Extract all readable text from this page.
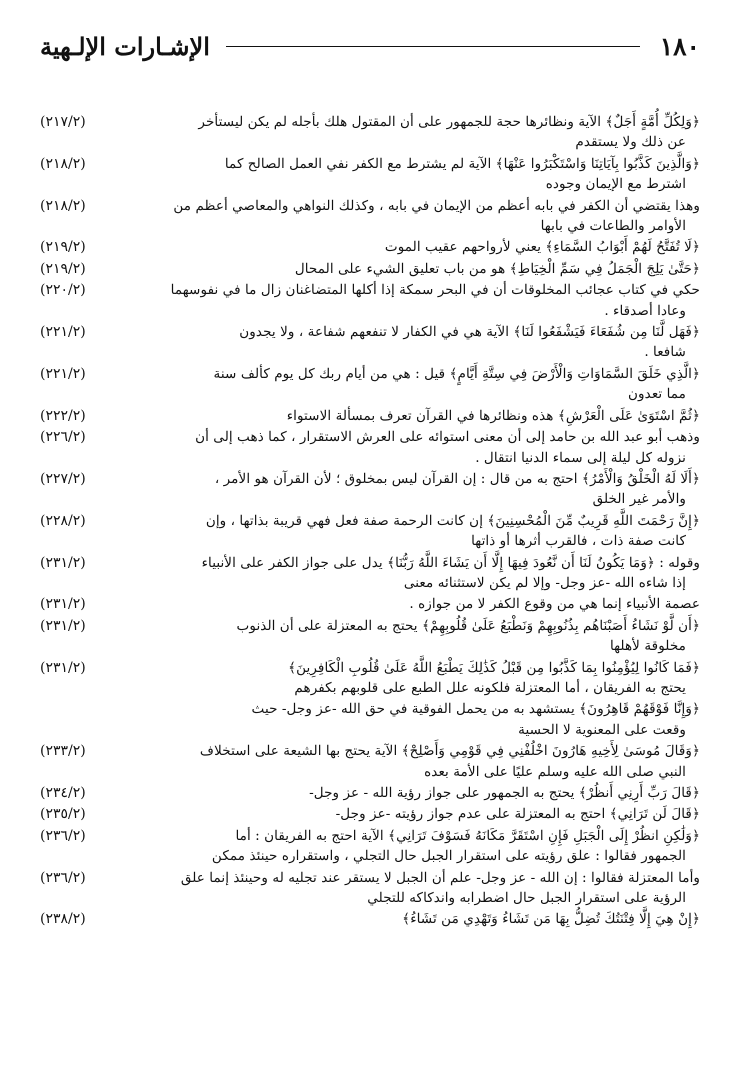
١٨٠
الإشـارات الإلـهية
(٢١٧/٢)	﴿وَلِكُلِّ أُمَّةٍ أَجَلٌ﴾ الآية ونظائرها حجة للجمهور على أن المقتول هلك بأجله لم يكن ليستأخر
عن ذلك ولا يستقدم
(٢١٨/٢)	﴿وَالَّذِينَ كَذَّبُوا بِآيَاتِنَا وَاسْتَكْبَرُوا عَنْهَا﴾ الآية لم يشترط مع الكفر نفي العمل الصالح كما
اشترط مع الإيمان وجوده
(٢١٨/٢)	وهذا يقتضي أن الكفر في بابه أعظم من الإيمان في بابه ، وكذلك النواهي والمعاصي أعظم من
الأوامر والطاعات في بابها
(٢١٩/٢)	﴿لَا تُفَتَّحُ لَهُمْ أَبْوَابُ السَّمَاءِ﴾ يعني لأرواحهم عقيب الموت
(٢١٩/٢)	﴿حَتَّىٰ يَلِجَ الْجَمَلُ فِي سَمِّ الْخِيَاطِ﴾ هو من باب تعليق الشيء على المحال
(٢٢٠/٢)	حكي في كتاب عجائب المخلوقات أن في البحر سمكة إذا أكلها المتضاغنان زال ما في نفوسهما
وعادا أصدقاء .
(٢٢١/٢)	﴿فَهَل لَّنَا مِن شُفَعَاءَ فَيَشْفَعُوا لَنَا﴾ الآية هي في الكفار لا تنفعهم شفاعة ، ولا يجدون
شافعا .
(٢٢١/٢)	﴿الَّذِي خَلَقَ السَّمَاوَاتِ وَالْأَرْضَ فِي سِتَّةِ أَيَّامٍ﴾ قيل : هي من أيام ربك كل يوم كألف سنة
مما تعدون
(٢٢٢/٢)	﴿ثُمَّ اسْتَوَىٰ عَلَى الْعَرْشِ﴾ هذه ونظائرها في القرآن تعرف بمسألة الاستواء
(٢٢٦/٢)	وذهب أبو عبد الله بن حامد إلى أن معنى استوائه على العرش الاستقرار ، كما ذهب إلى أن
نزوله كل ليلة إلى سماء الدنيا انتقال .
(٢٢٧/٢)	﴿أَلَا لَهُ الْخَلْقُ وَالْأَمْرُ﴾ احتج به من قال : إن القرآن ليس بمخلوق ؛ لأن القرآن هو الأمر ،
والأمر غير الخلق
(٢٢٨/٢)	﴿إِنَّ رَحْمَتَ اللَّهِ قَرِيبٌ مِّنَ الْمُحْسِنِينَ﴾ إن كانت الرحمة صفة فعل فهي قريبة بذاتها ، وإن
كانت صفة ذات ، فالقرب أثرها أو ذاتها
(٢٣١/٢)	وقوله : ﴿وَمَا يَكُونُ لَنَا أَن نَّعُودَ فِيهَا إِلَّا أَن يَشَاءَ اللَّهُ رَبُّنَا﴾ يدل على جواز الكفر على الأنبياء
إذا شاءه الله -عز وجل- وإلا لم يكن لاستثنائه معنى
(٢٣١/٢)	عصمة الأنبياء إنما هي من وقوع الكفر لا من جوازه .
(٢٣١/٢)	﴿أَن لَّوْ نَشَاءُ أَصَبْنَاهُم بِذُنُوبِهِمْ وَنَطْبَعُ عَلَىٰ قُلُوبِهِمْ﴾ يحتج به المعتزلة على أن الذنوب
مخلوقة لأهلها
(٢٣١/٢)	﴿فَمَا كَانُوا لِيُؤْمِنُوا بِمَا كَذَّبُوا مِن قَبْلُ كَذَٰلِكَ يَطْبَعُ اللَّهُ عَلَىٰ قُلُوبِ الْكَافِرِينَ﴾
يحتج به الفريقان ، أما المعتزلة فلكونه علل الطبع على قلوبهم بكفرهم
﴿وَإِنَّا فَوْقَهُمْ قَاهِرُونَ﴾ يستشهد به من يحمل الفوقية في حق الله -عز وجل- حيث
وقعت على المعنوية لا الحسية
(٢٣٣/٢)	﴿وَقَالَ مُوسَىٰ لِأَخِيهِ هَارُونَ اخْلُفْنِي فِي قَوْمِي وَأَصْلِحْ﴾ الآية يحتج بها الشيعة على استخلاف
النبي صلى الله عليه وسلم عليًا على الأمة بعده
(٢٣٤/٢)	﴿قَالَ رَبِّ أَرِنِي أَنظُرْ﴾ يحتج به الجمهور على جواز رؤية الله - عز وجل-
(٢٣٥/٢)	﴿قَالَ لَن تَرَانِي﴾ احتج به المعتزلة على عدم جواز رؤيته -عز وجل-
(٢٣٦/٢)	﴿وَلَٰكِنِ انظُرْ إِلَى الْجَبَلِ فَإِنِ اسْتَقَرَّ مَكَانَهُ فَسَوْفَ تَرَانِي﴾ الآية احتج به الفريقان : أما
الجمهور فقالوا : علق رؤيته على استقرار الجبل حال التجلي ، واستقراره حينئذ ممكن
(٢٣٦/٢)	وأما المعتزلة فقالوا : إن الله - عز وجل- علم أن الجبل لا يستقر عند تجليه له وحينئذ إنما علق
الرؤية على استقرار الجبل حال اضطرابه واندكاكه للتجلي
(٢٣٨/٢)	﴿إِنْ هِيَ إِلَّا فِتْنَتُكَ تُضِلُّ بِهَا مَن تَشَاءُ وَتَهْدِي مَن تَشَاءُ﴾
